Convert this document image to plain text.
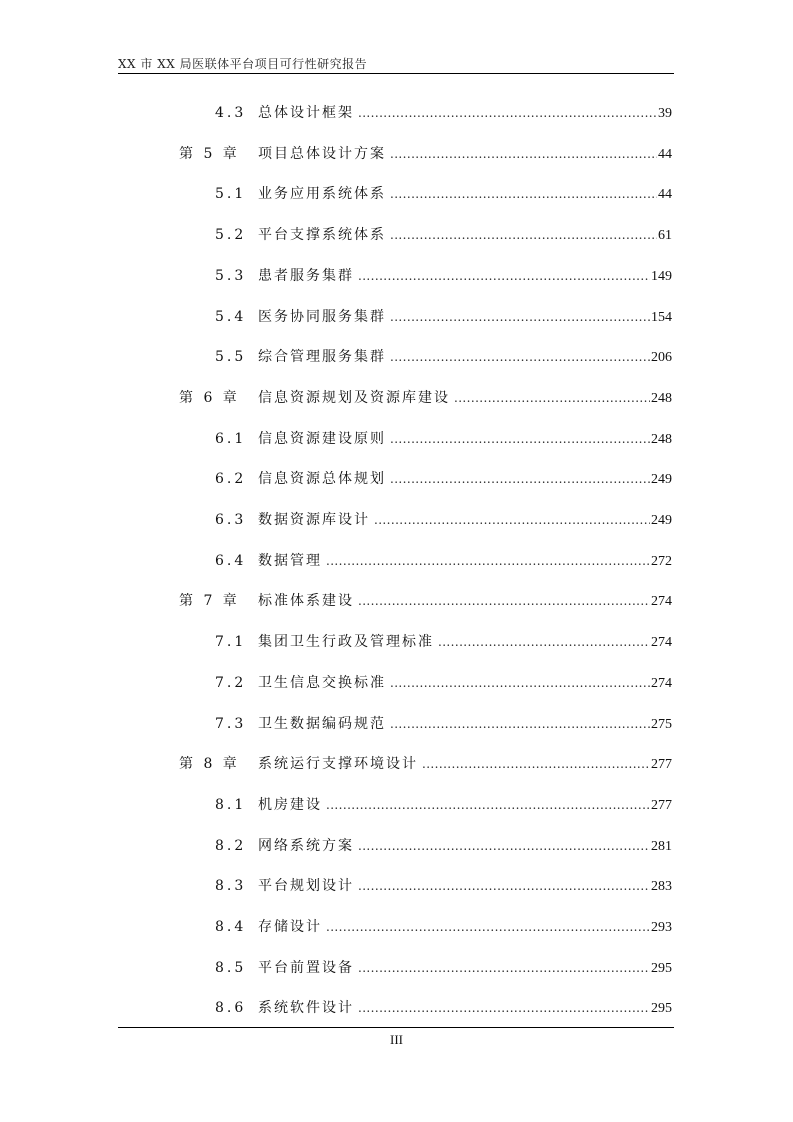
XX 市 XX 局医联体平台项目可行性研究报告
4.3 总体设计框架 .....	39
第 5 章	项目总体设计方案 .....	44
5.1 业务应用系统体系 .....	44
5.2 平台支撑系统体系 .....	61
5.3 患者服务集群 .....	149
5.4 医务协同服务集群 .....	154
5.5 综合管理服务集群 .....	206
第 6 章	信息资源规划及资源库建设 .....	248
6.1 信息资源建设原则 .....	248
6.2 信息资源总体规划 .....	249
6.3 数据资源库设计 .....	249
6.4 数据管理 .....	272
第 7 章	标准体系建设 .....	274
7.1 集团卫生行政及管理标准 .....	274
7.2 卫生信息交换标准 .....	274
7.3 卫生数据编码规范 .....	275
第 8 章	系统运行支撑环境设计 .....	277
8.1 机房建设 .....	277
8.2 网络系统方案 .....	281
8.3 平台规划设计 .....	283
8.4 存储设计 .....	293
8.5 平台前置设备 .....	295
8.6 系统软件设计 .....	295
III
